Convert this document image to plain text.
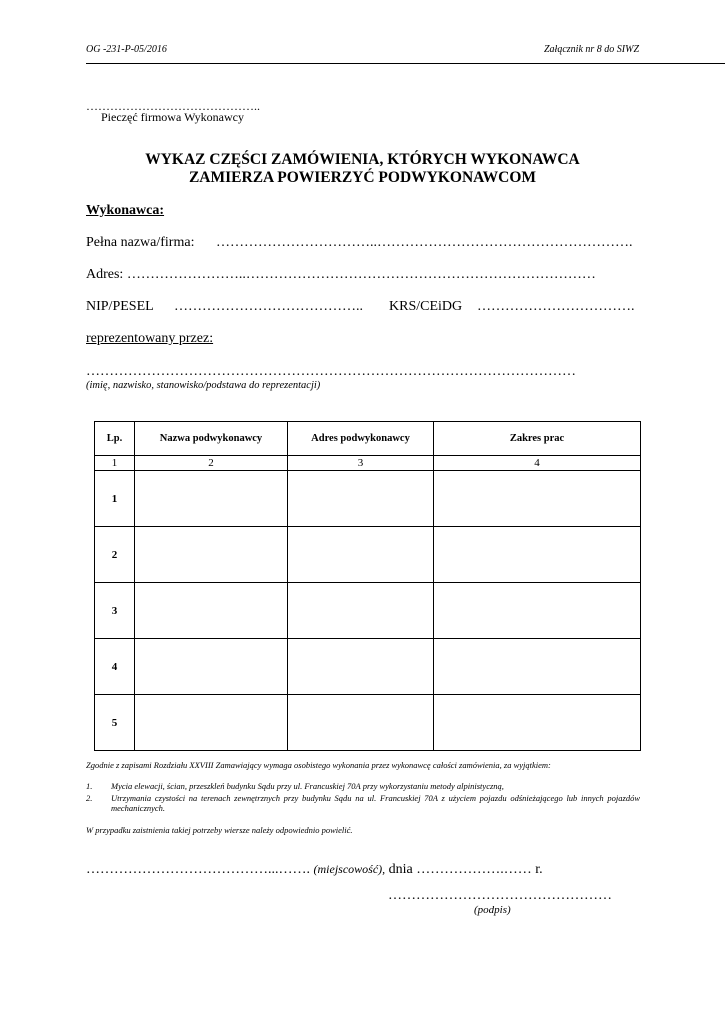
OG -231-P-05/2016	Załącznik nr 8 do SIWZ
……………………………………..
Pieczęć firmowa Wykonawcy
WYKAZ CZĘŚCI ZAMÓWIENIA, KTÓRYCH WYKONAWCA
ZAMIERZA POWIERZYĆ PODWYKONAWCOM
Wykonawca:
Pełna nazwa/firma: ……………………………..……………………………………………….
Adres: ……………………..…………………………………………………………………
NIP/PESEL ………………………………….. KRS/CEiDG …………………………….
reprezentowany przez:
……………………………………………………………………………………………
(imię, nazwisko, stanowisko/podstawa do reprezentacji)
Lp.	Nazwa podwykonawcy	Adres podwykonawcy	Zakres prac
1	2	3	4
1			
2			
3			
4			
5			
Zgodnie z zapisami Rozdziału XXVIII Zamawiający wymaga osobistego wykonania przez wykonawcę całości zamówienia, za wyjątkiem:
1. Mycia elewacji, ścian, przeszkleń budynku Sądu przy ul. Francuskiej 70A przy wykorzystaniu metody alpinistyczną,
2. Utrzymania czystości na terenach zewnętrznych przy budynku Sądu na ul. Francuskiej 70A z użyciem pojazdu odśnieżającego lub innych pojazdów mechanicznych.
W przypadku zaistnienia takiej potrzeby wiersze należy odpowiednio powielić.
…………………………………...……. (miejscowość), dnia ……………….…… r.
…………………………………………
(podpis)
